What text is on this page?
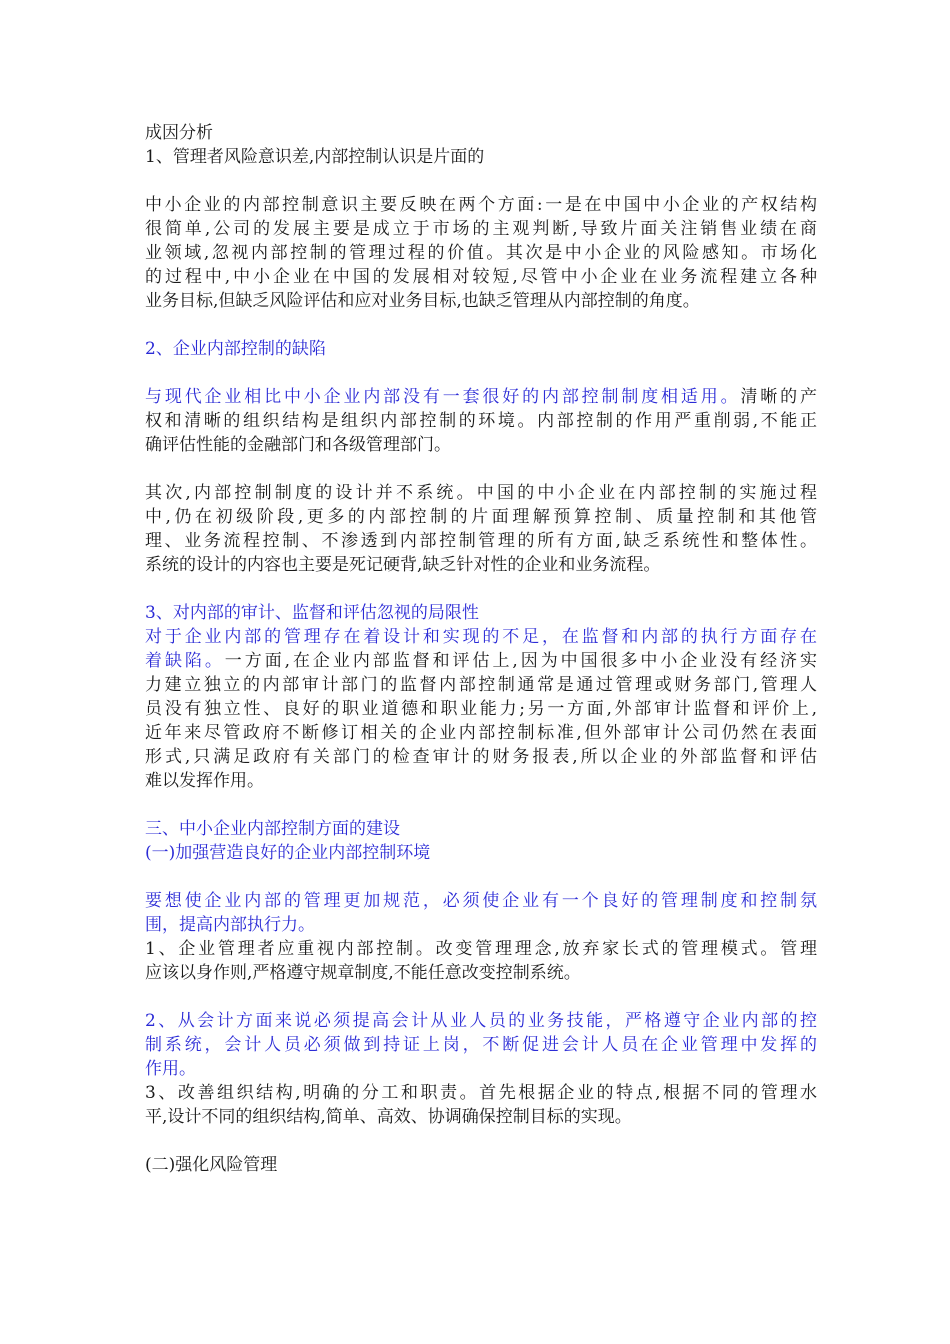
成因分析
1、管理者风险意识差,内部控制认识是片面的
中小企业的内部控制意识主要反映在两个方面:一是在中国中小企业的产权结构
很简单,公司的发展主要是成立于市场的主观判断,导致片面关注销售业绩在商
业领域,忽视内部控制的管理过程的价值。其次是中小企业的风险感知。市场化
的过程中,中小企业在中国的发展相对较短,尽管中小企业在业务流程建立各种
业务目标,但缺乏风险评估和应对业务目标,也缺乏管理从内部控制的角度。
2、企业内部控制的缺陷
与现代企业相比中小企业内部没有一套很好的内部控制制度相适用。清晰的产
权和清晰的组织结构是组织内部控制的环境。内部控制的作用严重削弱,不能正
确评估性能的金融部门和各级管理部门。
其次,内部控制制度的设计并不系统。中国的中小企业在内部控制的实施过程
中,仍在初级阶段,更多的内部控制的片面理解预算控制、质量控制和其他管
理、业务流程控制、不渗透到内部控制管理的所有方面,缺乏系统性和整体性。
系统的设计的内容也主要是死记硬背,缺乏针对性的企业和业务流程。
3、对内部的审计、监督和评估忽视的局限性
对于企业内部的管理存在着设计和实现的不足，在监督和内部的执行方面存在
着缺陷。一方面,在企业内部监督和评估上,因为中国很多中小企业没有经济实
力建立独立的内部审计部门的监督内部控制通常是通过管理或财务部门,管理人
员没有独立性、良好的职业道德和职业能力;另一方面,外部审计监督和评价上,
近年来尽管政府不断修订相关的企业内部控制标准,但外部审计公司仍然在表面
形式,只满足政府有关部门的检查审计的财务报表,所以企业的外部监督和评估
难以发挥作用。
三、中小企业内部控制方面的建设
(一)加强营造良好的企业内部控制环境
要想使企业内部的管理更加规范，必须使企业有一个良好的管理制度和控制氛
围，提高内部执行力。
1、企业管理者应重视内部控制。改变管理理念,放弃家长式的管理模式。管理
应该以身作则,严格遵守规章制度,不能任意改变控制系统。
2、从会计方面来说必须提高会计从业人员的业务技能，严格遵守企业内部的控
制系统，会计人员必须做到持证上岗，不断促进会计人员在企业管理中发挥的
作用。
3、改善组织结构,明确的分工和职责。首先根据企业的特点,根据不同的管理水
平,设计不同的组织结构,简单、高效、协调确保控制目标的实现。
(二)强化风险管理
